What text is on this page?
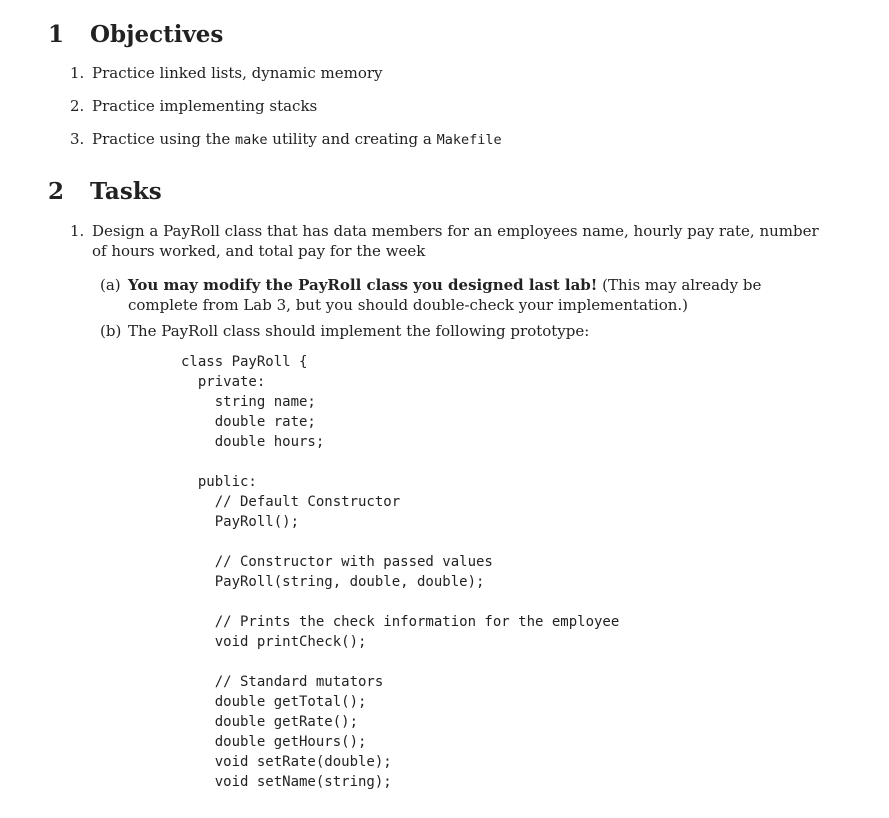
1 Objectives
1. Practice linked lists, dynamic memory
2. Practice implementing stacks
3. Practice using the make utility and creating a Makefile
2 Tasks
1. Design a PayRoll class that has data members for an employees name, hourly pay rate, number of hours worked, and total pay for the week
(a) You may modify the PayRoll class you designed last lab! (This may already be complete from Lab 3, but you should double-check your implementation.)
(b) The PayRoll class should implement the following prototype:
class PayRoll {
private:
string name;
double rate;
double hours;
public:
// Default Constructor
PayRoll();
// Constructor with passed values
PayRoll(string, double, double);
// Prints the check information for the employee
void printCheck();
// Standard mutators
double getTotal();
double getRate();
double getHours();
void setRate(double);
void setName(string);
